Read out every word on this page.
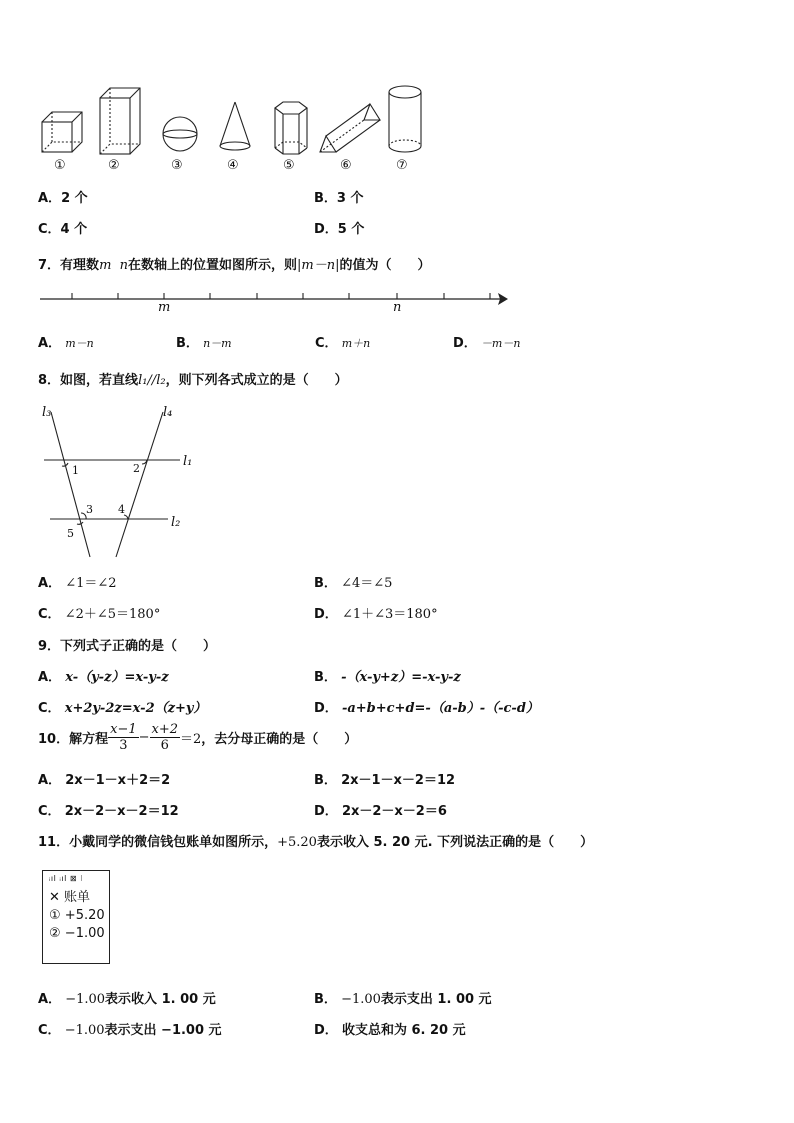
①	②	③	④	⑤	⑥	⑦
A．2 个	B．3 个
C．4 个	D．5 个
7．有理数m n在数轴上的位置如图所示，则|m－n|的值为（　　）
m	n
A． m－n	B． n－m	C． m＋n	D． －m－n
8．如图，若直线l₁//l₂，则下列各式成立的是（　　）
l₃	l₄
l₁
l₂
1	2
3 4
5
A． ∠1＝∠2	B． ∠4＝∠5
C． ∠2＋∠5＝180°	D． ∠1＋∠3＝180°
9．下列式子正确的是（　　）
A． x-（y-z）=x-y-z	B． -（x-y+z）=-x-y-z
C． x+2y-2z=x-2（z+y）	D． -a+b+c+d=-（a-b）-（-c-d）
10． 解方程 $\frac{x-1}{3} - \frac{x+2}{6} =2$ ，去分母正确的是（　　）
A． 2x－1－x＋2＝2	B． 2x－1－x－2＝12
C． 2x－2－x－2＝12	D． 2x－2－x－2＝6
11．小戴同学的微信钱包账单如图所示，+5.20表示收入 5. 20 元. 下列说法正确的是（　　）
ᵢıl ᵢıl ⊠ ⁝
✕ 账单
① +5.20
② −1.00
A． −1.00表示收入 1. 00 元	B． −1.00表示支出 1. 00 元
C． −1.00表示支出 −1.00 元	D． 收支总和为 6. 20 元
